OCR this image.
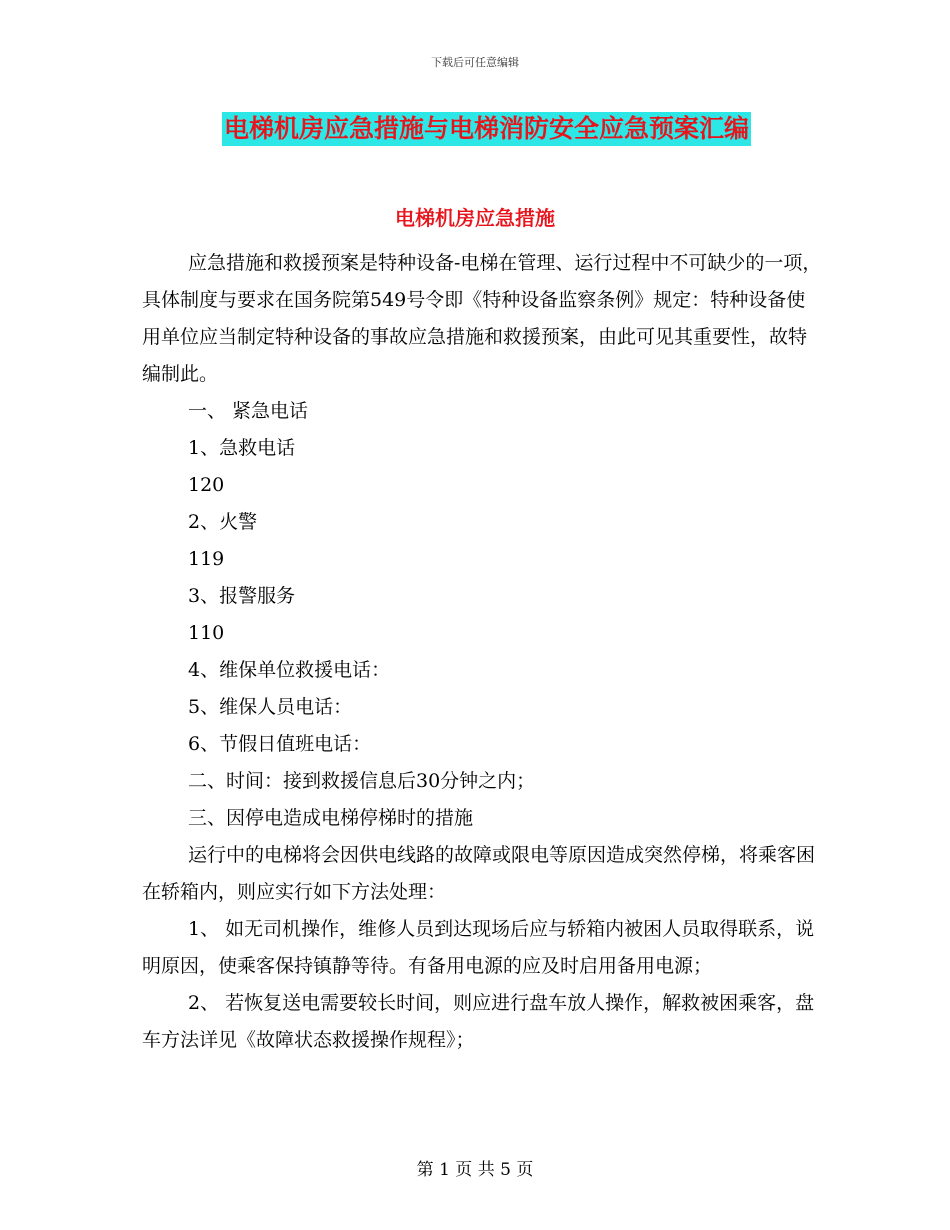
下载后可任意编辑
电梯机房应急措施与电梯消防安全应急预案汇编
电梯机房应急措施

应急措施和救援预案是特种设备-电梯在管理、运行过程中不可缺少的一项，具体制度与要求在国务院第549号令即《特种设备监察条例》规定：特种设备使用单位应当制定特种设备的事故应急措施和救援预案，由此可见其重要性，故特编制此。

一、 紧急电话

1、急救电话

120

2、火警

119

3、报警服务

110

4、维保单位救援电话：

5、维保人员电话：

6、节假日值班电话：

二、时间：接到救援信息后30分钟之内；

三、因停电造成电梯停梯时的措施

运行中的电梯将会因供电线路的故障或限电等原因造成突然停梯，将乘客困在轿箱内，则应实行如下方法处理：

1、 如无司机操作，维修人员到达现场后应与轿箱内被困人员取得联系，说明原因，使乘客保持镇静等待。有备用电源的应及时启用备用电源；

2、 若恢复送电需要较长时间，则应进行盘车放人操作，解救被困乘客，盘车方法详见《故障状态救援操作规程》；

第 1 页 共 5 页
